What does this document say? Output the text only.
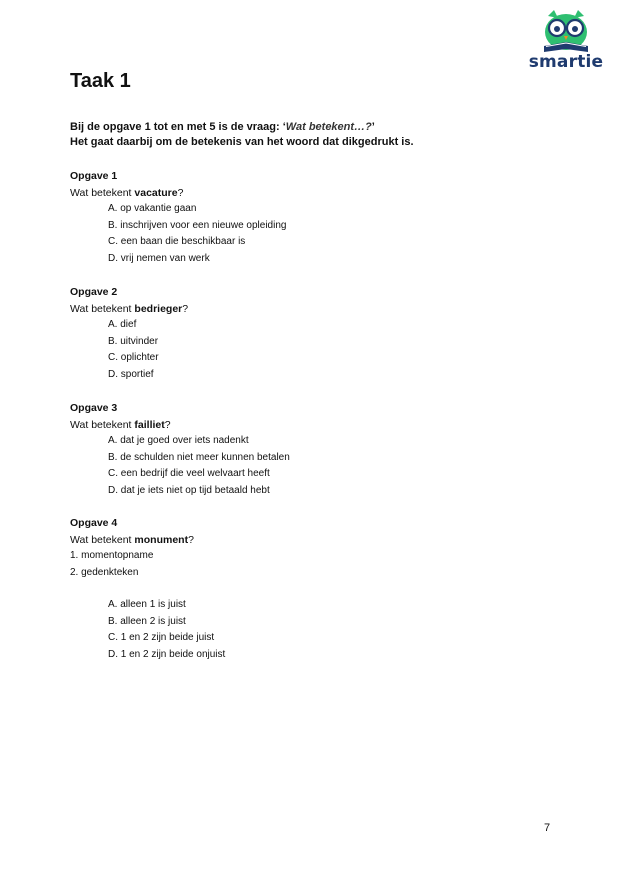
smartie
Taak 1
Bij de opgave 1 tot en met 5 is de vraag: ‘Wat betekent…?’
Het gaat daarbij om de betekenis van het woord dat dikgedrukt is.
Opgave 1
Wat betekent vacature?
A. op vakantie gaan
B. inschrijven voor een nieuwe opleiding
C. een baan die beschikbaar is
D. vrij nemen van werk
Opgave 2
Wat betekent bedrieger?
A. dief
B. uitvinder
C. oplichter
D. sportief
Opgave 3
Wat betekent failliet?
A. dat je goed over iets nadenkt
B. de schulden niet meer kunnen betalen
C. een bedrijf die veel welvaart heeft
D. dat je iets niet op tijd betaald hebt
Opgave 4
Wat betekent monument?
1. momentopname
2. gedenkteken
A. alleen 1 is juist
B. alleen 2 is juist
C. 1 en 2 zijn beide juist
D. 1 en 2 zijn beide onjuist
7
